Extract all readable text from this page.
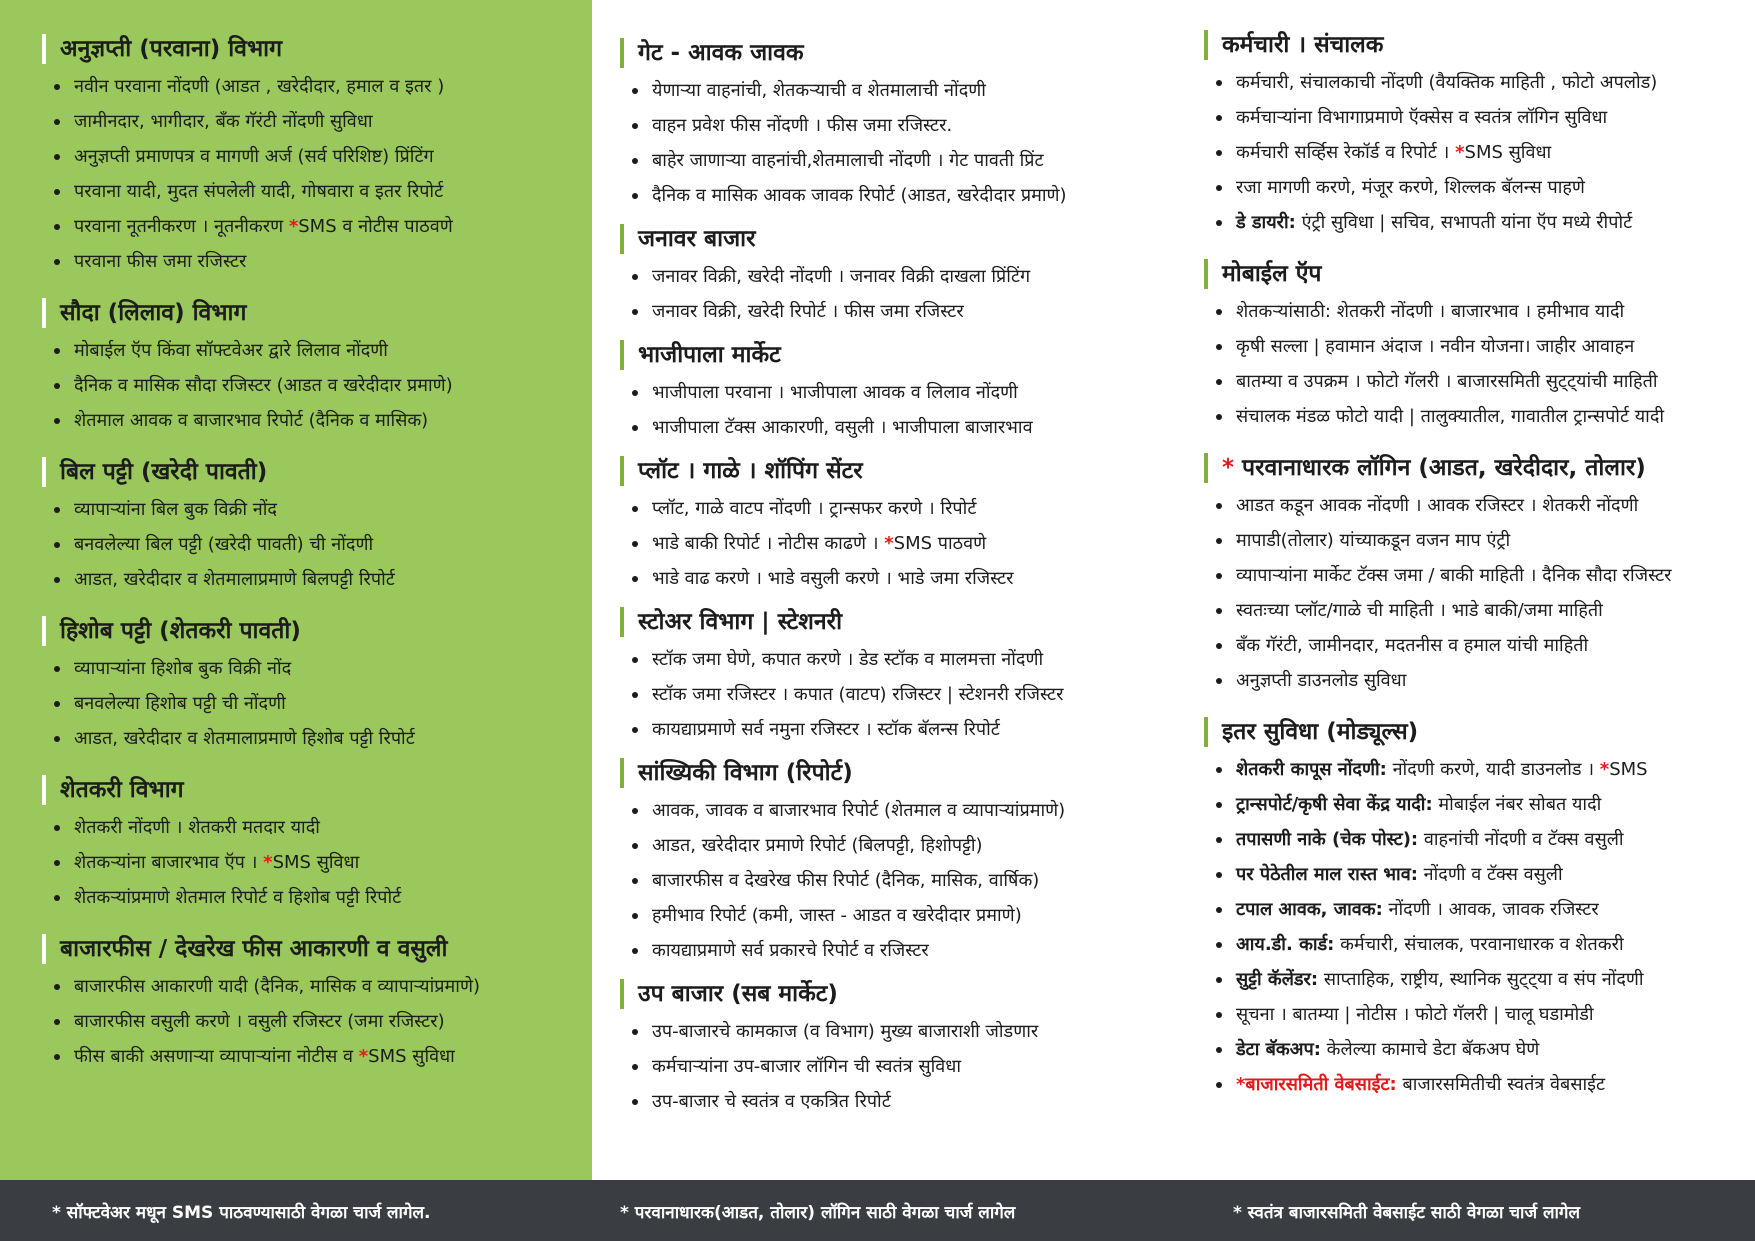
अनुज्ञप्ती (परवाना) विभाग
नवीन परवाना नोंदणी (आडत , खरेदीदार, हमाल व इतर )
जामीनदार, भागीदार, बँक गॅरंटी नोंदणी सुविधा
अनुज्ञप्ती प्रमाणपत्र व मागणी अर्ज (सर्व परिशिष्ट) प्रिंटिंग
परवाना यादी, मुदत संपलेली यादी, गोषवारा व इतर रिपोर्ट
परवाना नूतनीकरण । नूतनीकरण *SMS व नोटीस पाठवणे
परवाना फीस जमा रजिस्टर
सौदा (लिलाव) विभाग
मोबाईल ऍप किंवा सॉफ्टवेअर द्वारे लिलाव नोंदणी
दैनिक व मासिक सौदा रजिस्टर (आडत व खरेदीदार प्रमाणे)
शेतमाल आवक व बाजारभाव रिपोर्ट (दैनिक व मासिक)
बिल पट्टी (खरेदी पावती)
व्यापाऱ्यांना बिल बुक विक्री नोंद
बनवलेल्या बिल पट्टी (खरेदी पावती) ची नोंदणी
आडत, खरेदीदार व शेतमालाप्रमाणे बिलपट्टी रिपोर्ट
हिशोब पट्टी (शेतकरी पावती)
व्यापाऱ्यांना हिशोब बुक विक्री नोंद
बनवलेल्या हिशोब पट्टी ची नोंदणी
आडत, खरेदीदार व शेतमालाप्रमाणे हिशोब पट्टी रिपोर्ट
शेतकरी विभाग
शेतकरी नोंदणी । शेतकरी मतदार यादी
शेतकऱ्यांना बाजारभाव ऍप । *SMS सुविधा
शेतकऱ्यांप्रमाणे शेतमाल रिपोर्ट व हिशोब पट्टी रिपोर्ट
बाजारफीस / देखरेख फीस आकारणी व वसुली
बाजारफीस आकारणी यादी (दैनिक, मासिक व व्यापाऱ्यांप्रमाणे)
बाजारफीस वसुली करणे । वसुली रजिस्टर (जमा रजिस्टर)
फीस बाकी असणाऱ्या व्यापाऱ्यांना नोटीस व *SMS सुविधा
गेट - आवक जावक
येणाऱ्या वाहनांची, शेतकऱ्याची व शेतमालाची नोंदणी
वाहन प्रवेश फीस नोंदणी । फीस जमा रजिस्टर.
बाहेर जाणाऱ्या वाहनांची,शेतमालाची नोंदणी । गेट पावती प्रिंट
दैनिक व मासिक आवक जावक रिपोर्ट (आडत, खरेदीदार प्रमाणे)
जनावर बाजार
जनावर विक्री, खरेदी नोंदणी । जनावर विक्री दाखला प्रिंटिंग
जनावर विक्री, खरेदी रिपोर्ट । फीस जमा रजिस्टर
भाजीपाला मार्केट
भाजीपाला परवाना । भाजीपाला आवक व लिलाव नोंदणी
भाजीपाला टॅक्स आकारणी, वसुली । भाजीपाला बाजारभाव
प्लॉट । गाळे । शॉपिंग सेंटर
प्लॉट, गाळे वाटप नोंदणी । ट्रान्सफर करणे । रिपोर्ट
भाडे बाकी रिपोर्ट । नोटीस काढणे । *SMS पाठवणे
भाडे वाढ करणे । भाडे वसुली करणे । भाडे जमा रजिस्टर
स्टोअर विभाग | स्टेशनरी
स्टॉक जमा घेणे, कपात करणे । डेड स्टॉक व मालमत्ता नोंदणी
स्टॉक जमा रजिस्टर । कपात (वाटप) रजिस्टर | स्टेशनरी रजिस्टर
कायद्याप्रमाणे सर्व नमुना रजिस्टर । स्टॉक बॅलन्स रिपोर्ट
सांख्यिकी विभाग (रिपोर्ट)
आवक, जावक व बाजारभाव रिपोर्ट (शेतमाल व व्यापाऱ्यांप्रमाणे)
आडत, खरेदीदार प्रमाणे रिपोर्ट (बिलपट्टी, हिशोपट्टी)
बाजारफीस व देखरेख फीस रिपोर्ट (दैनिक, मासिक, वार्षिक)
हमीभाव रिपोर्ट (कमी, जास्त - आडत व खरेदीदार प्रमाणे)
कायद्याप्रमाणे सर्व प्रकारचे रिपोर्ट व रजिस्टर
उप बाजार (सब मार्केट)
उप-बाजारचे कामकाज (व विभाग) मुख्य बाजाराशी जोडणार
कर्मचाऱ्यांना उप-बाजार लॉगिन ची स्वतंत्र सुविधा
उप-बाजार चे स्वतंत्र व एकत्रित रिपोर्ट
कर्मचारी । संचालक
कर्मचारी, संचालकाची नोंदणी (वैयक्तिक माहिती , फोटो अपलोड)
कर्मचाऱ्यांना विभागाप्रमाणे ऍक्सेस व स्वतंत्र लॉगिन सुविधा
कर्मचारी सर्व्हिस रेकॉर्ड व रिपोर्ट । *SMS सुविधा
रजा मागणी करणे, मंजूर करणे, शिल्लक बॅलन्स पाहणे
डे डायरी: एंट्री सुविधा | सचिव, सभापती यांना ऍप मध्ये रीपोर्ट
मोबाईल ऍप
शेतकऱ्यांसाठी: शेतकरी नोंदणी । बाजारभाव । हमीभाव यादी
कृषी सल्ला | हवामान अंदाज । नवीन योजना। जाहीर आवाहन
बातम्या व उपक्रम । फोटो गॅलरी । बाजारसमिती सुट्ट्यांची माहिती
संचालक मंडळ फोटो यादी | तालुक्यातील, गावातील ट्रान्सपोर्ट यादी
* परवानाधारक लॉगिन (आडत, खरेदीदार, तोलार)
आडत कडून आवक नोंदणी । आवक रजिस्टर । शेतकरी नोंदणी
मापाडी(तोलार) यांच्याकडून वजन माप एंट्री
व्यापाऱ्यांना मार्केट टॅक्स जमा / बाकी माहिती । दैनिक सौदा रजिस्टर
स्वतःच्या प्लॉट/गाळे ची माहिती । भाडे बाकी/जमा माहिती
बँक गॅरंटी, जामीनदार, मदतनीस व हमाल यांची माहिती
अनुज्ञप्ती डाउनलोड सुविधा
इतर सुविधा (मोड्यूल्स)
शेतकरी कापूस नोंदणी: नोंदणी करणे, यादी डाउनलोड । *SMS
ट्रान्सपोर्ट/कृषी सेवा केंद्र यादी: मोबाईल नंबर सोबत यादी
तपासणी नाके (चेक पोस्ट): वाहनांची नोंदणी व टॅक्स वसुली
पर पेठेतील माल रास्त भाव: नोंदणी व टॅक्स वसुली
टपाल आवक, जावक: नोंदणी । आवक, जावक रजिस्टर
आय.डी. कार्ड: कर्मचारी, संचालक, परवानाधारक व शेतकरी
सुट्टी कॅलेंडर: साप्ताहिक, राष्ट्रीय, स्थानिक सुट्ट्या व संप नोंदणी
सूचना । बातम्या | नोटीस । फोटो गॅलरी | चालू घडामोडी
डेटा बॅकअप: केलेल्या कामाचे डेटा बॅकअप घेणे
*बाजारसमिती वेबसाईट: बाजारसमितीची स्वतंत्र वेबसाईट
* सॉफ्टवेअर मधून SMS पाठवण्यासाठी वेगळा चार्ज लागेल.	* परवानाधारक(आडत, तोलार) लॉगिन साठी वेगळा चार्ज लागेल	* स्वतंत्र बाजारसमिती वेबसाईट साठी वेगळा चार्ज लागेल
